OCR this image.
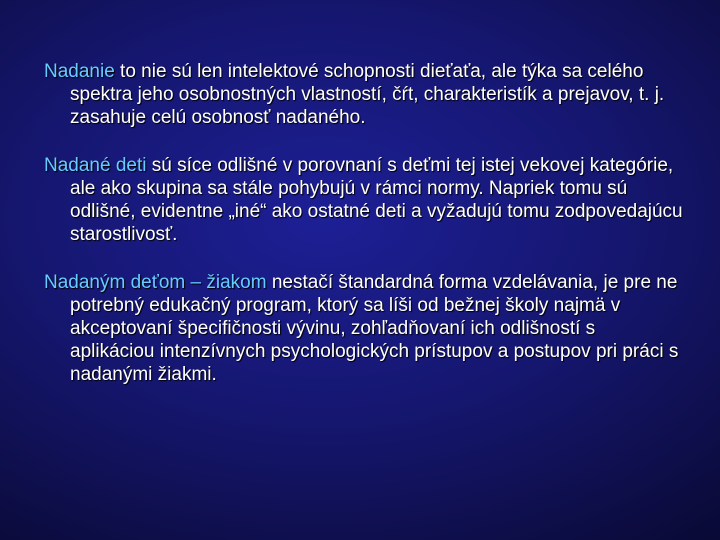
Nadanie to nie sú len intelektové schopnosti dieťaťa, ale týka sa celého spektra jeho osobnostných vlastností, čŕt, charakteristík a prejavov, t. j. zasahuje celú osobnosť nadaného.

Nadané deti sú síce odlišné v porovnaní s deťmi tej istej vekovej kategórie, ale ako skupina sa stále pohybujú v rámci normy. Napriek tomu sú odlišné, evidentne „iné“ ako ostatné deti a vyžadujú tomu zodpovedajúcu starostlivosť.

Nadaným deťom – žiakom nestačí štandardná forma vzdelávania, je pre ne potrebný edukačný program, ktorý sa líši od bežnej školy najmä v akceptovaní špecifičnosti vývinu, zohľadňovaní ich odlišností s aplikáciou intenzívnych psychologických prístupov a postupov pri práci s nadanými žiakmi.
